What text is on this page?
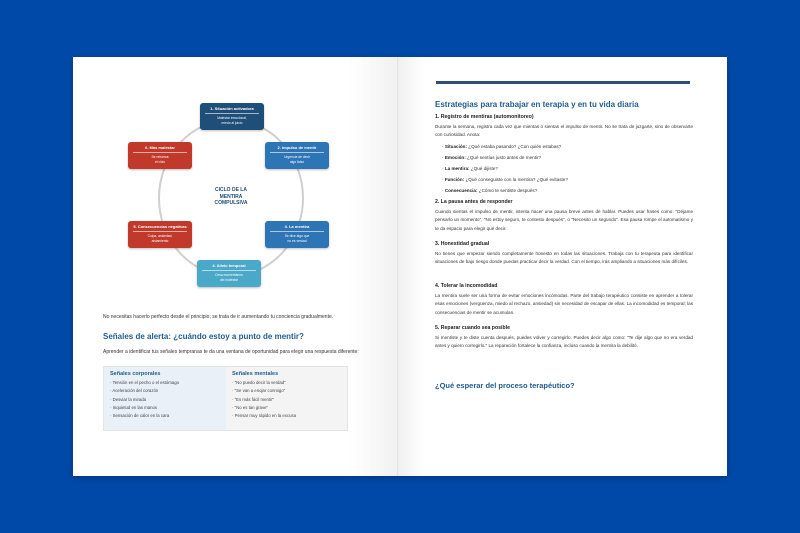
CICLO DE LA
MENTIRA
COMPULSIVA
1. Situación activadora
Malestar emocional,
miedo al juicio
2. Impulso de mentir
Urgencia de decir
algo falso
3. La mentira
Se dice algo que
no es verdad
4. Alivio temporal
Cesa momentáneo
del malestar
5. Consecuencias negativas
Culpa, ansiedad,
aislamiento
6. Más malestar
Se refuerza
el ciclo
No necesitas hacerlo perfecto desde el principio; se trata de ir aumentando tu conciencia gradualmente.
Señales de alerta: ¿cuándo estoy a punto de mentir?
Aprender a identificar tus señales tempranas te da una ventana de oportunidad para elegir una respuesta diferente:
Señales corporales
· Tensión en el pecho o el estómago
· Aceleración del corazón
· Desviar la mirada
· Inquietud en las manos
· Sensación de calor en la cara
Señales mentales
· "No puedo decir la verdad"
· "Se van a enojar conmigo"
· "Es más fácil mentir"
· "No es tan grave"
· Pensar muy rápido en la excusa
Estrategias para trabajar en terapia y en tu vida diaria
1. Registro de mentiras (automonitoreo)
Durante la semana, registra cada vez que mientas o sientas el impulso de mentir. No se trata de juzgarte, sino de observarte con curiosidad. Anota:
· Situación: ¿Qué estaba pasando? ¿Con quién estabas?
· Emoción: ¿Qué sentías justo antes de mentir?
· La mentira: ¿Qué dijiste?
· Función: ¿Qué conseguiste con la mentira? ¿Qué evitaste?
· Consecuencia: ¿Cómo te sentiste después?
2. La pausa antes de responder
Cuando sientas el impulso de mentir, intenta hacer una pausa breve antes de hablar. Puedes usar frases como: "Déjame pensarlo un momento", "No estoy seguro, te contesto después", o "Necesito un segundo". Esa pausa rompe el automatismo y te da espacio para elegir qué decir.
3. Honestidad gradual
No tienes que empezar siendo completamente honesto en todas las situaciones. Trabaja con tu terapeuta para identificar situaciones de bajo riesgo donde puedas practicar decir la verdad. Con el tiempo, irás ampliando a situaciones más difíciles.
4. Tolerar la incomodidad
La mentira suele ser una forma de evitar emociones incómodas. Parte del trabajo terapéutico consiste en aprender a tolerar esas emociones (vergüenza, miedo al rechazo, ansiedad) sin necesidad de escapar de ellas. La incomodidad es temporal; las consecuencias de mentir se acumulan.
5. Reparar cuando sea posible
Si mentiste y te diste cuenta después, puedes volver y corregirlo. Puedes decir algo como: "Te dije algo que no era verdad antes y quiero corregirlo." La reparación fortalece la confianza, incluso cuando la mentira la debilitó.
¿Qué esperar del proceso terapéutico?
